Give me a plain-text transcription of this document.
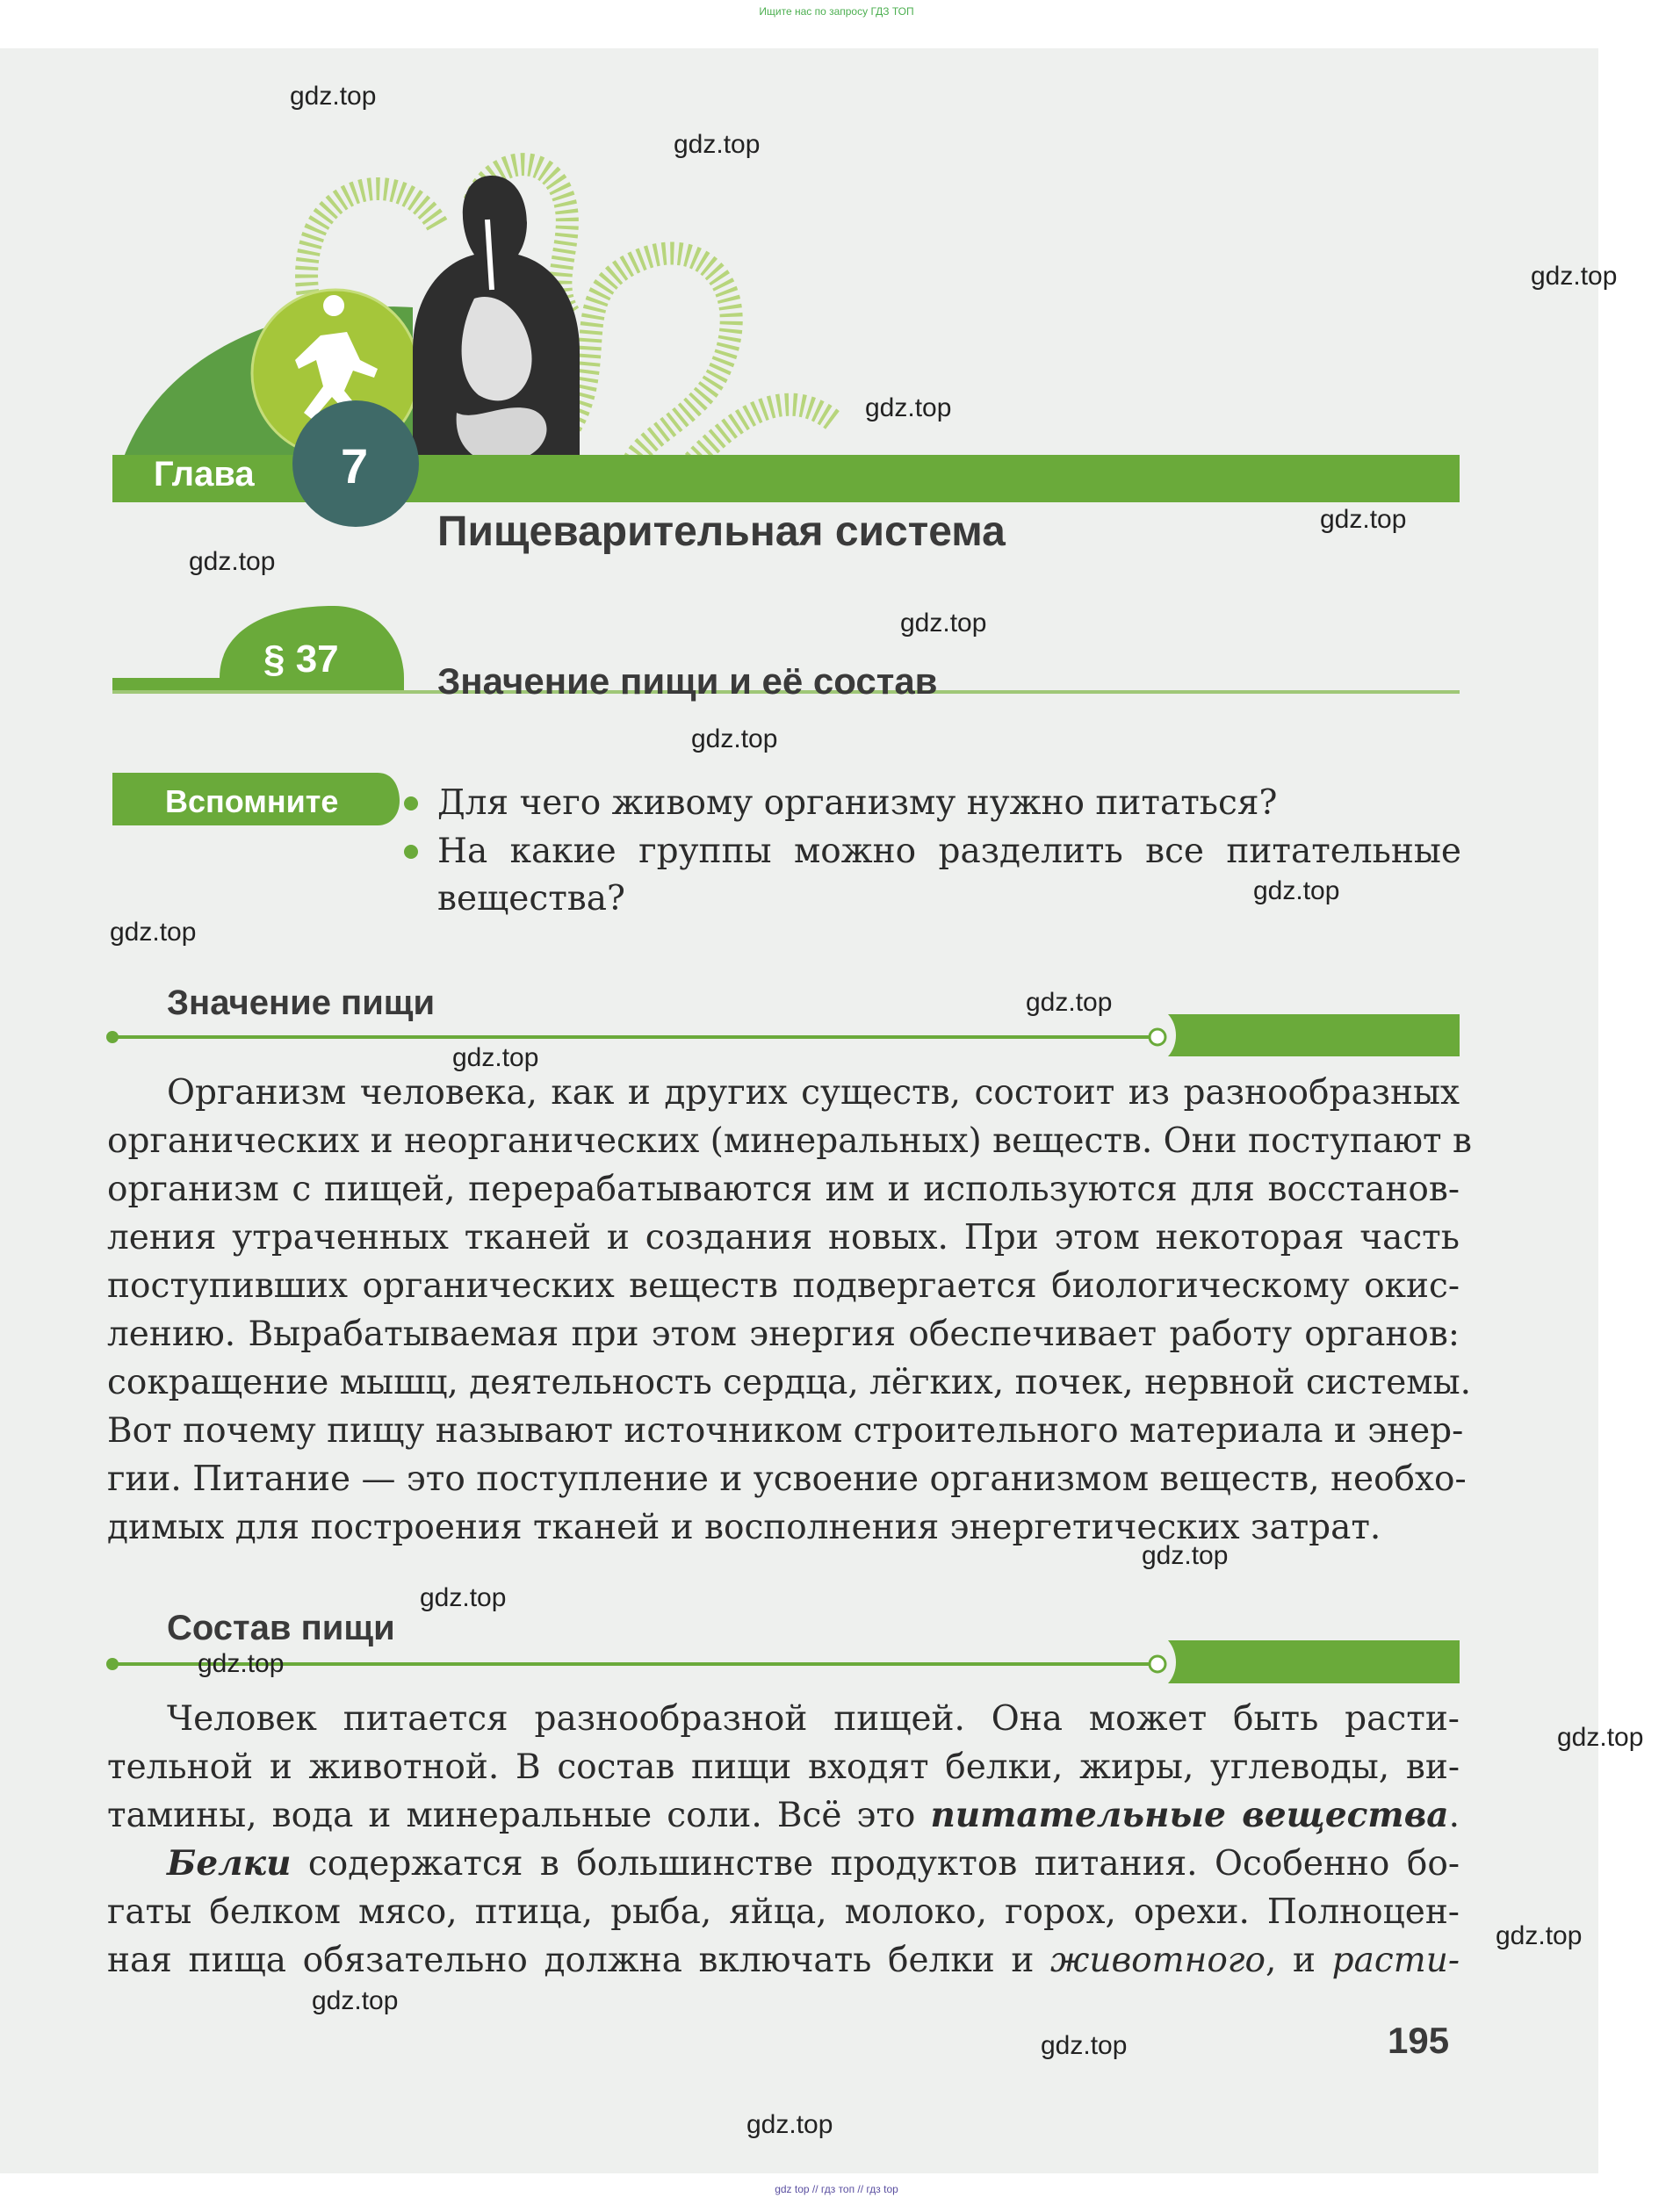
Ищите нас по запросу ГДЗ ТОП
Глава 7
Пищеварительная система
§ 37
Значение пищи и её состав
Вспомните	Для чего живому организму нужно питаться?
На какие группы можно разделить все питательные
вещества?
Значение пищи
Организм человека, как и других существ, состоит из разнообразных
органических и неорганических (минеральных) веществ. Они поступают в
организм с пищей, перерабатываются им и используются для восстанов-
ления утраченных тканей и создания новых. При этом некоторая часть
поступивших органических веществ подвергается биологическому окис-
лению. Вырабатываемая при этом энергия обеспечивает работу органов:
сокращение мышц, деятельность сердца, лёгких, почек, нервной системы.
Вот почему пищу называют источником строительного материала и энер-
гии. Питание — это поступление и усвоение организмом веществ, необхо-
димых для построения тканей и восполнения энергетических затрат.
Состав пищи
Человек питается разнообразной пищей. Она может быть расти-
тельной и животной. В состав пищи входят белки, жиры, углеводы, ви-
тамины, вода и минеральные соли. Всё это питательные вещества.
Белки содержатся в большинстве продуктов питания. Особенно бо-
гаты белком мясо, птица, рыба, яйца, молоко, горох, орехи. Полноцен-
ная пища обязательно должна включать белки и животного, и расти-
195
gdz.top
gdz.top
gdz.top
gdz.top
gdz.top
gdz.top
gdz.top
gdz.top
gdz.top
gdz.top
gdz.top
gdz.top
gdz.top
gdz.top
gdz.top
gdz.top
gdz.top
gdz.top
gdz.top
gdz.top
gdz top // гдз топ // гдз top
